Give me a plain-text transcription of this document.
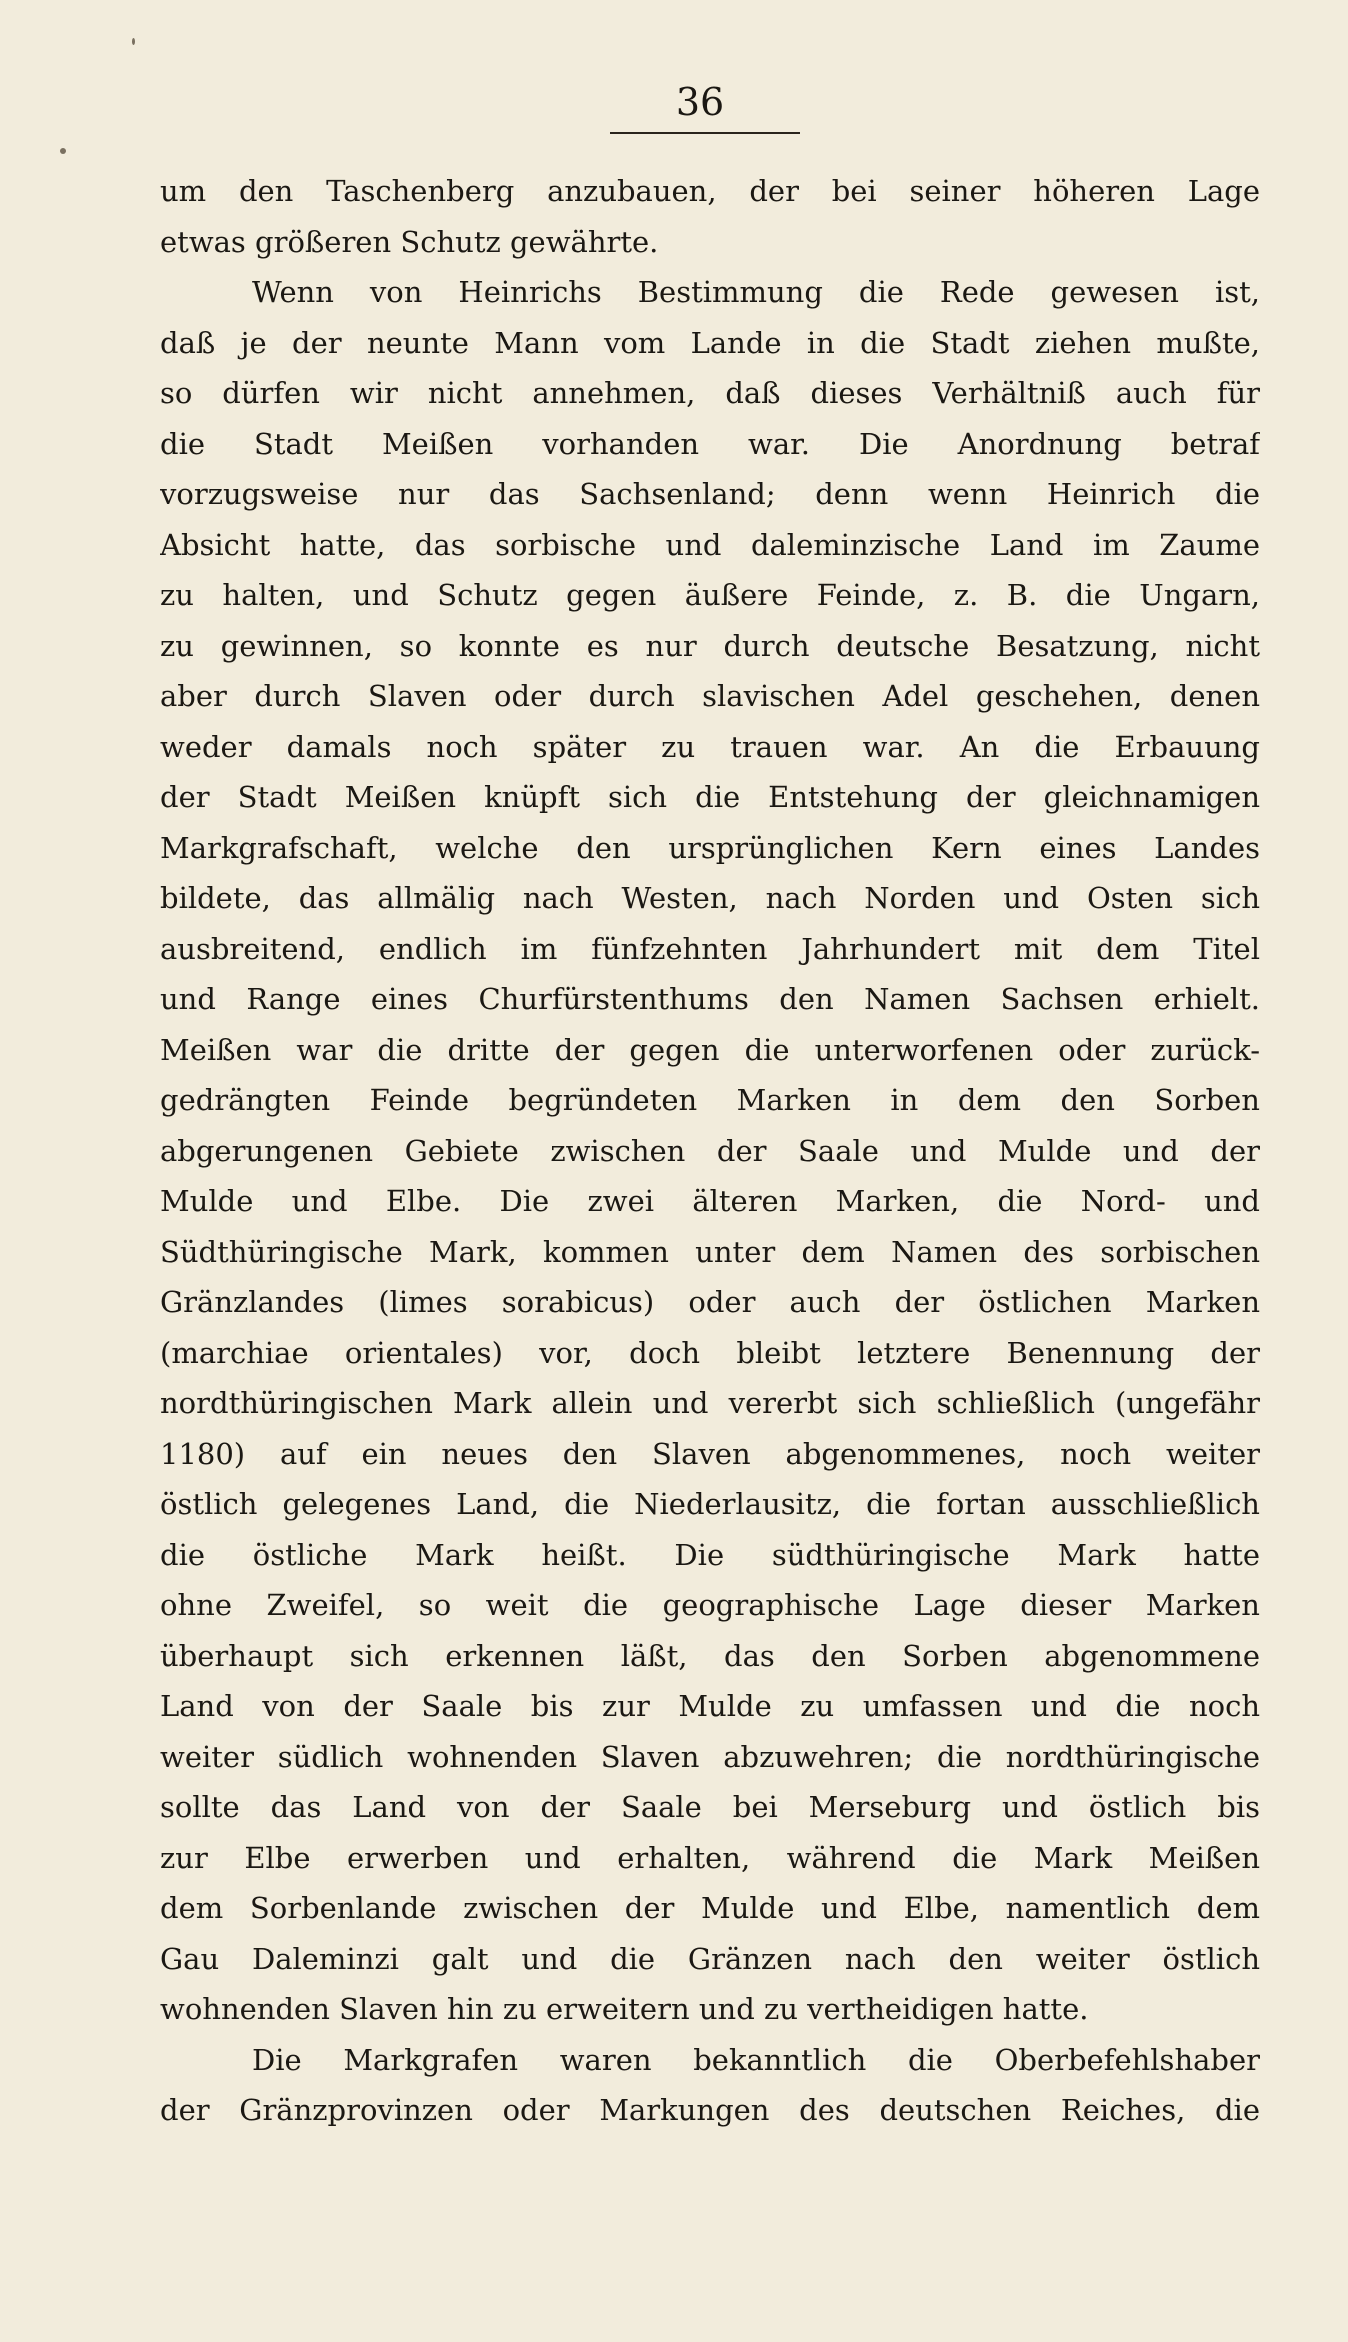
36
um den Taschenberg anzubauen, der bei seiner höheren Lage
etwas größeren Schutz gewährte.
Wenn von Heinrichs Bestimmung die Rede gewesen ist,
daß je der neunte Mann vom Lande in die Stadt ziehen mußte,
so dürfen wir nicht annehmen, daß dieses Verhältniß auch für
die Stadt Meißen vorhanden war. Die Anordnung betraf
vorzugsweise nur das Sachsenland; denn wenn Heinrich die
Absicht hatte, das sorbische und daleminzische Land im Zaume
zu halten, und Schutz gegen äußere Feinde, z. B. die Ungarn,
zu gewinnen, so konnte es nur durch deutsche Besatzung, nicht
aber durch Slaven oder durch slavischen Adel geschehen, denen
weder damals noch später zu trauen war. An die Erbauung
der Stadt Meißen knüpft sich die Entstehung der gleichnamigen
Markgrafschaft, welche den ursprünglichen Kern eines Landes
bildete, das allmälig nach Westen, nach Norden und Osten sich
ausbreitend, endlich im fünfzehnten Jahrhundert mit dem Titel
und Range eines Churfürstenthums den Namen Sachsen erhielt.
Meißen war die dritte der gegen die unterworfenen oder zurück-
gedrängten Feinde begründeten Marken in dem den Sorben
abgerungenen Gebiete zwischen der Saale und Mulde und der
Mulde und Elbe. Die zwei älteren Marken, die Nord- und
Südthüringische Mark, kommen unter dem Namen des sorbischen
Gränzlandes (limes sorabicus) oder auch der östlichen Marken
(marchiae orientales) vor, doch bleibt letztere Benennung der
nordthüringischen Mark allein und vererbt sich schließlich (ungefähr
1180) auf ein neues den Slaven abgenommenes, noch weiter
östlich gelegenes Land, die Niederlausitz, die fortan ausschließlich
die östliche Mark heißt. Die südthüringische Mark hatte
ohne Zweifel, so weit die geographische Lage dieser Marken
überhaupt sich erkennen läßt, das den Sorben abgenommene
Land von der Saale bis zur Mulde zu umfassen und die noch
weiter südlich wohnenden Slaven abzuwehren; die nordthüringische
sollte das Land von der Saale bei Merseburg und östlich bis
zur Elbe erwerben und erhalten, während die Mark Meißen
dem Sorbenlande zwischen der Mulde und Elbe, namentlich dem
Gau Daleminzi galt und die Gränzen nach den weiter östlich
wohnenden Slaven hin zu erweitern und zu vertheidigen hatte.
Die Markgrafen waren bekanntlich die Oberbefehlshaber
der Gränzprovinzen oder Markungen des deutschen Reiches, die
